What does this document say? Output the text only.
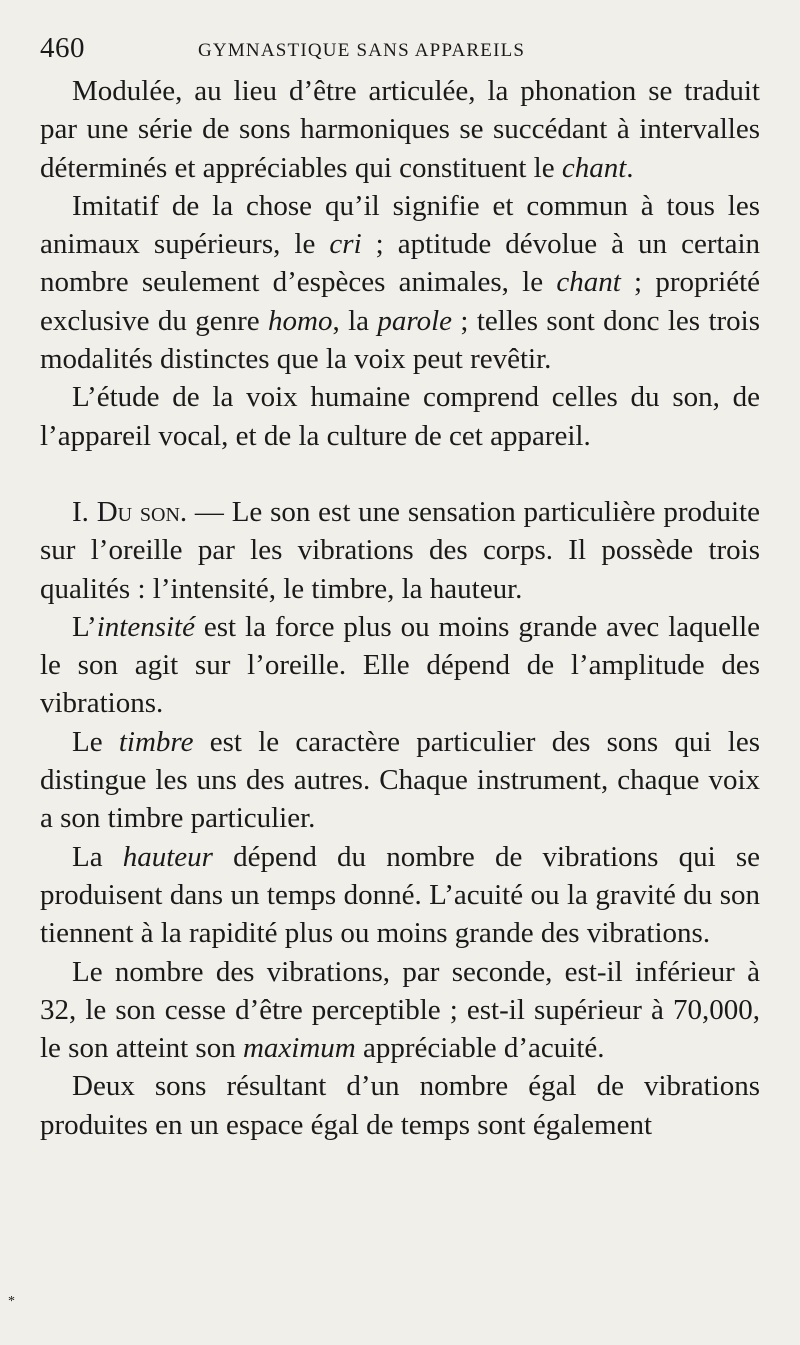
460	GYMNASTIQUE SANS APPAREILS

Modulée, au lieu d’être articulée, la phonation se traduit par une série de sons harmoniques se succédant à intervalles déterminés et appréciables qui constituent le chant.

Imitatif de la chose qu’il signifie et commun à tous les animaux supérieurs, le cri ; aptitude dévolue à un certain nombre seulement d’espèces animales, le chant ; propriété exclusive du genre homo, la parole ; telles sont donc les trois modalités distinctes que la voix peut revêtir.

L’étude de la voix humaine comprend celles du son, de l’appareil vocal, et de la culture de cet appareil.

I. Du son. — Le son est une sensation particulière produite sur l’oreille par les vibrations des corps. Il possède trois qualités : l’intensité, le timbre, la hauteur.

L’intensité est la force plus ou moins grande avec laquelle le son agit sur l’oreille. Elle dépend de l’amplitude des vibrations.

Le timbre est le caractère particulier des sons qui les distingue les uns des autres. Chaque instrument, chaque voix a son timbre particulier.

La hauteur dépend du nombre de vibrations qui se produisent dans un temps donné. L’acuité ou la gravité du son tiennent à la rapidité plus ou moins grande des vibrations.

Le nombre des vibrations, par seconde, est-il inférieur à 32, le son cesse d’être perceptible ; est-il supérieur à 70,000, le son atteint son maximum appréciable d’acuité.

Deux sons résultant d’un nombre égal de vibrations produites en un espace égal de temps sont également

*
